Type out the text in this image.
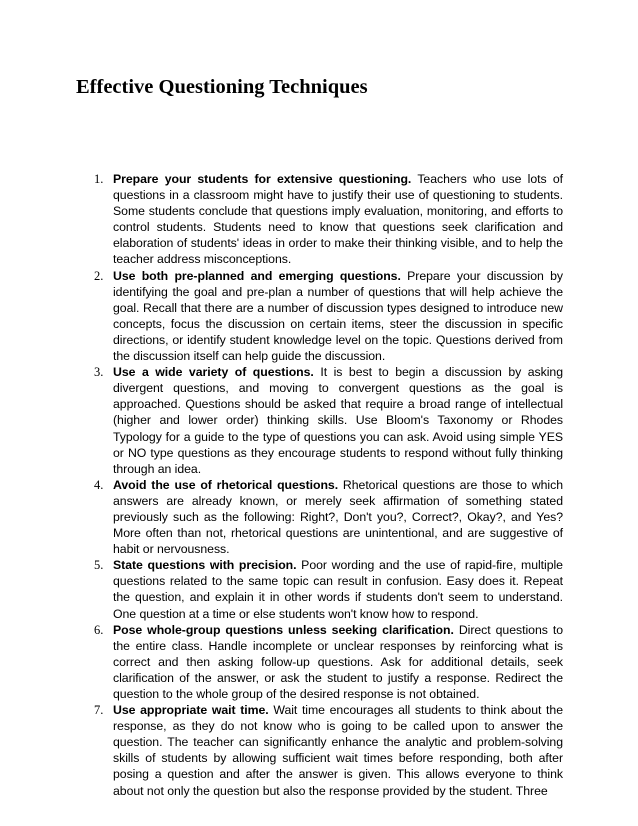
Effective Questioning Techniques
1. Prepare your students for extensive questioning. Teachers who use lots of questions in a classroom might have to justify their use of questioning to students. Some students conclude that questions imply evaluation, monitoring, and efforts to control students. Students need to know that questions seek clarification and elaboration of students' ideas in order to make their thinking visible, and to help the teacher address misconceptions.
2. Use both pre-planned and emerging questions. Prepare your discussion by identifying the goal and pre-plan a number of questions that will help achieve the goal. Recall that there are a number of discussion types designed to introduce new concepts, focus the discussion on certain items, steer the discussion in specific directions, or identify student knowledge level on the topic. Questions derived from the discussion itself can help guide the discussion.
3. Use a wide variety of questions. It is best to begin a discussion by asking divergent questions, and moving to convergent questions as the goal is approached. Questions should be asked that require a broad range of intellectual (higher and lower order) thinking skills. Use Bloom's Taxonomy or Rhodes Typology for a guide to the type of questions you can ask. Avoid using simple YES or NO type questions as they encourage students to respond without fully thinking through an idea.
4. Avoid the use of rhetorical questions. Rhetorical questions are those to which answers are already known, or merely seek affirmation of something stated previously such as the following: Right?, Don't you?, Correct?, Okay?, and Yes? More often than not, rhetorical questions are unintentional, and are suggestive of habit or nervousness.
5. State questions with precision. Poor wording and the use of rapid-fire, multiple questions related to the same topic can result in confusion. Easy does it. Repeat the question, and explain it in other words if students don't seem to understand. One question at a time or else students won't know how to respond.
6. Pose whole-group questions unless seeking clarification. Direct questions to the entire class. Handle incomplete or unclear responses by reinforcing what is correct and then asking follow-up questions. Ask for additional details, seek clarification of the answer, or ask the student to justify a response. Redirect the question to the whole group of the desired response is not obtained.
7. Use appropriate wait time. Wait time encourages all students to think about the response, as they do not know who is going to be called upon to answer the question. The teacher can significantly enhance the analytic and problem-solving skills of students by allowing sufficient wait times before responding, both after posing a question and after the answer is given. This allows everyone to think about not only the question but also the response provided by the student. Three
